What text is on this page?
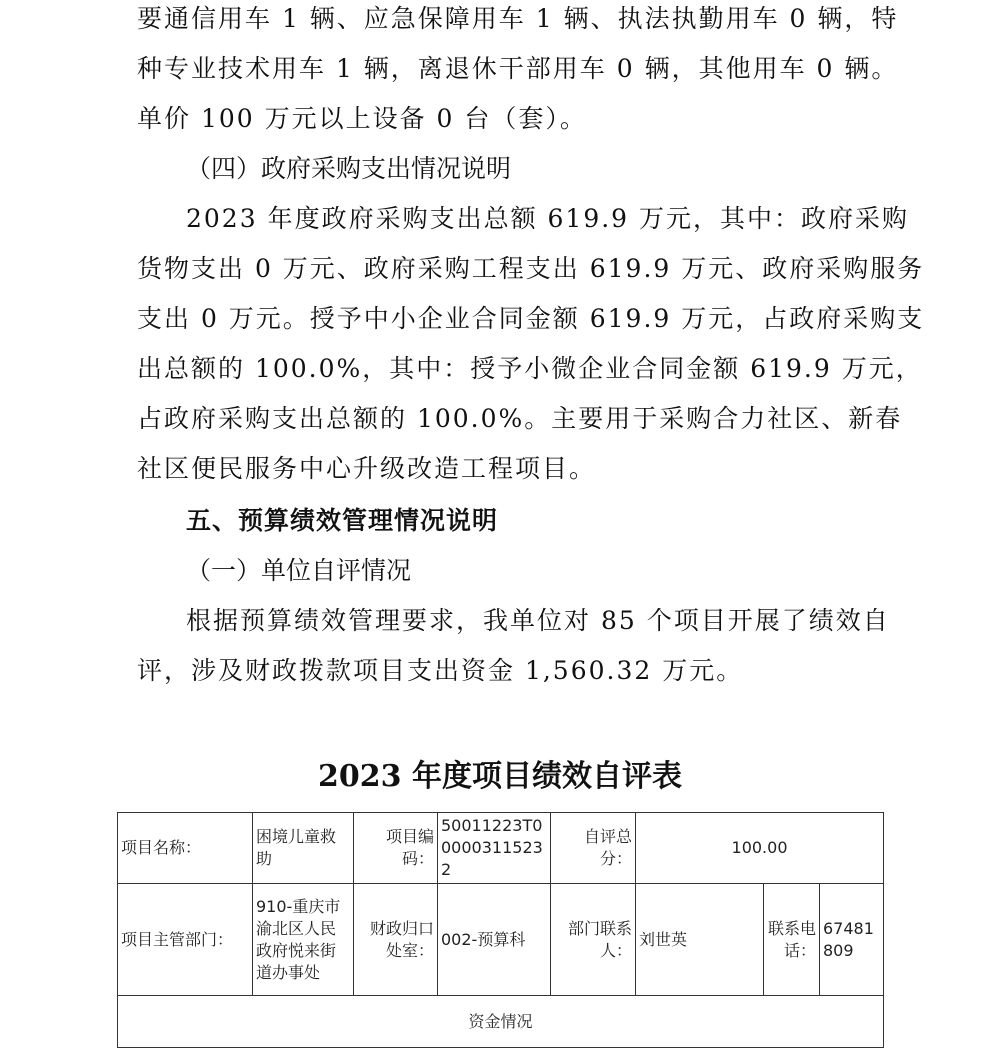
要通信用车 1 辆、应急保障用车 1 辆、执法执勤用车 0 辆，特
种专业技术用车 1 辆，离退休干部用车 0 辆，其他用车 0 辆。
单价 100 万元以上设备 0 台（套）。
（四）政府采购支出情况说明
2023 年度政府采购支出总额 619.9 万元，其中：政府采购
货物支出 0 万元、政府采购工程支出 619.9 万元、政府采购服务
支出 0 万元。授予中小企业合同金额 619.9 万元，占政府采购支
出总额的 100.0%，其中：授予小微企业合同金额 619.9 万元，
占政府采购支出总额的 100.0%。主要用于采购合力社区、新春
社区便民服务中心升级改造工程项目。
五、预算绩效管理情况说明
（一）单位自评情况
根据预算绩效管理要求，我单位对 85 个项目开展了绩效自
评，涉及财政拨款项目支出资金 1,560.32 万元。
2023 年度项目绩效自评表
项目名称：	困境儿童救助	项目编码：	50011223T000003115232	自评总分：	100.00		
项目主管部门：	910-重庆市渝北区人民政府悦来街道办事处	财政归口处室：	002-预算科	部门联系人：	刘世英	联系电话：	67481809
资金情况							
